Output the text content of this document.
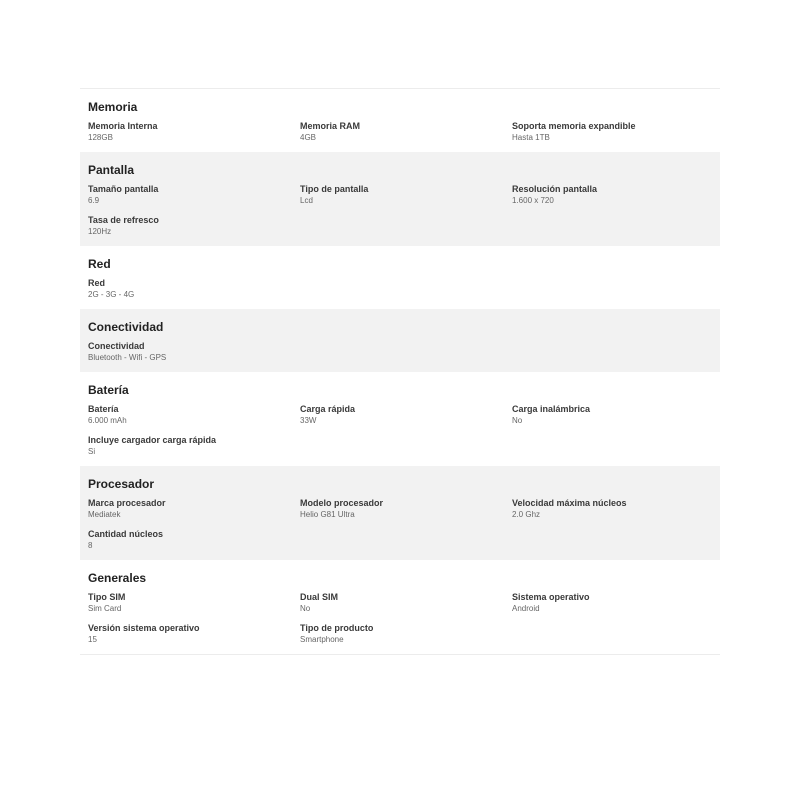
Memoria
Memoria Interna
128GB
Memoria RAM
4GB
Soporta memoria expandible
Hasta 1TB
Pantalla
Tamaño pantalla
6.9
Tipo de pantalla
Lcd
Resolución pantalla
1.600 x 720
Tasa de refresco
120Hz
Red
Red
2G - 3G - 4G
Conectividad
Conectividad
Bluetooth - Wifi - GPS
Batería
Batería
6.000 mAh
Carga rápida
33W
Carga inalámbrica
No
Incluye cargador carga rápida
Si
Procesador
Marca procesador
Mediatek
Modelo procesador
Helio G81 Ultra
Velocidad máxima núcleos
2.0 Ghz
Cantidad núcleos
8
Generales
Tipo SIM
Sim Card
Dual SIM
No
Sistema operativo
Android
Versión sistema operativo
15
Tipo de producto
Smartphone
